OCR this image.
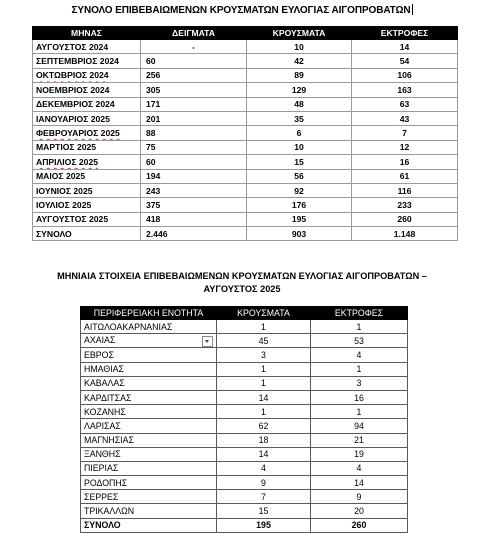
ΣΥΝΟΛΟ ΕΠΙΒΕΒΑΙΩΜΕΝΩΝ ΚΡΟΥΣΜΑΤΩΝ ΕΥΛΟΓΙΑΣ ΑΙΓΟΠΡΟΒΑΤΩΝ
ΜΗΝΑΣ	ΔΕΙΓΜΑΤΑ	ΚΡΟΥΣΜΑΤΑ	ΕΚΤΡΟΦΕΣ
ΑΥΓΟΥΣΤΟΣ 2024	-	10	14
ΣΕΠΤΕΜΒΡΙΟΣ 2024	60	42	54
ΟΚΤΩΒΡΙΟΣ 2024	256	89	106
ΝΟΕΜΒΡΙΟΣ 2024	305	129	163
ΔΕΚΕΜΒΡΙΟΣ 2024	171	48	63
ΙΑΝΟΥΑΡΙΟΣ 2025	201	35	43
ΦΕΒΡΟΥΑΡΙΟΣ 2025	88	6	7
ΜΑΡΤΙΟΣ 2025	75	10	12
ΑΠΡΙΛΙΟΣ 2025	60	15	16
ΜΑΙΟΣ 2025	194	56	61
ΙΟΥΝΙΟΣ 2025	243	92	116
ΙΟΥΛΙΟΣ 2025	375	176	233
ΑΥΓΟΥΣΤΟΣ 2025	418	195	260
ΣΥΝΟΛΟ	2.446	903	1.148
ΜΗΝΙΑΙΑ ΣΤΟΙΧΕΙΑ ΕΠΙΒΕΒΑΙΩΜΕΝΩΝ ΚΡΟΥΣΜΑΤΩΝ ΕΥΛΟΓΙΑΣ ΑΙΓΟΠΡΟΒΑΤΩΝ –
ΑΥΓΟΥΣΤΟΣ 2025
ΠΕΡΙΦΕΡΕΙΑΚΗ ΕΝΟΤΗΤΑ	ΚΡΟΥΣΜΑΤΑ	ΕΚΤΡΟΦΕΣ
ΑΙΤΩΛΟΑΚΑΡΝΑΝΙΑΣ	1	1
ΑΧΑΙΑΣ	45	53
ΕΒΡΟΣ	3	4
ΗΜΑΘΙΑΣ	1	1
ΚΑΒΑΛΑΣ	1	3
ΚΑΡΔΙΤΣΑΣ	14	16
ΚΟΖΑΝΗΣ	1	1
ΛΑΡΙΣΑΣ	62	94
ΜΑΓΝΗΣΙΑΣ	18	21
ΞΑΝΘΗΣ	14	19
ΠΙΕΡΙΑΣ	4	4
ΡΟΔΟΠΗΣ	9	14
ΣΕΡΡΕΣ	7	9
ΤΡΙΚΑΛΛΩΝ	15	20
ΣΥΝΟΛΟ	195	260
